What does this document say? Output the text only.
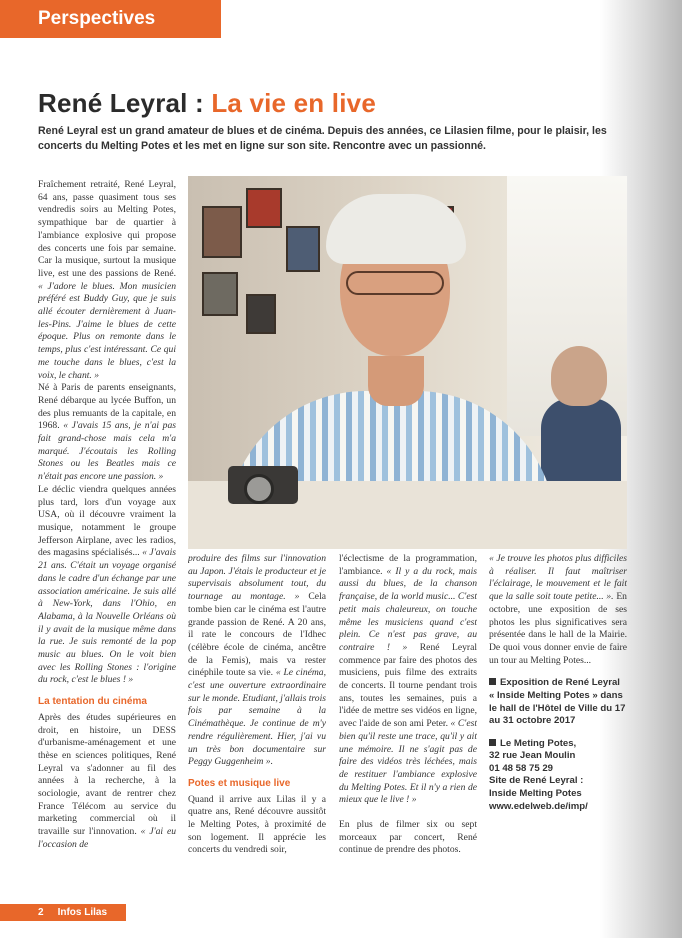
Perspectives
René Leyral : La vie en live

René Leyral est un grand amateur de blues et de cinéma. Depuis des années, ce Lilasien filme, pour le plaisir, les concerts du Melting Potes et les met en ligne sur son site. Rencontre avec un passionné.

Fraîchement retraité, René Leyral, 64 ans, passe quasiment tous ses vendredis soirs au Melting Potes, sympathique bar de quartier à l'ambiance explosive qui propose des concerts une fois par semaine. Car la musique, surtout la musique live, est une des passions de René. « J'adore le blues. Mon musicien préféré est Buddy Guy, que je suis allé écouter dernièrement à Juan-les-Pins. J'aime le blues de cette époque. Plus on remonte dans le temps, plus c'est intéressant. Ce qui me touche dans le blues, c'est la voix, le chant. »

Né à Paris de parents enseignants, René débarque au lycée Buffon, un des plus remuants de la capitale, en 1968. « J'avais 15 ans, je n'ai pas fait grand-chose mais cela m'a marqué. J'écoutais les Rolling Stones ou les Beatles mais ce n'était pas encore une passion. »

Le déclic viendra quelques années plus tard, lors d'un voyage aux USA, où il découvre vraiment la musique, notamment le groupe Jefferson Airplane, avec les radios, des magasins spécialisés... « J'avais 21 ans. C'était un voyage organisé dans le cadre d'un échange par une association américaine. Je suis allé à New-York, dans l'Ohio, en Alabama, à la Nouvelle Orléans où il y avait de la musique même dans la rue. Je suis remonté de la pop music au blues. On le voit bien avec les Rolling Stones : l'origine du rock, c'est le blues ! »

La tentation du cinéma

Après des études supérieures en droit, en histoire, un DESS d'urbanisme-aménagement et une thèse en sciences politiques, René Leyral va s'adonner au fil des années à la recherche, à la sociologie, avant de rentrer chez France Télécom au service du marketing commercial où il travaille sur l'innovation. « J'ai eu l'occasion de

produire des films sur l'innovation au Japon. J'étais le producteur et je supervisais absolument tout, du tournage au montage. » Cela tombe bien car le cinéma est l'autre grande passion de René. A 20 ans, il rate le concours de l'Idhec (célèbre école de cinéma, ancêtre de la Femis), mais va rester cinéphile toute sa vie. « Le cinéma, c'est une ouverture extraordinaire sur le monde. Etudiant, j'allais trois fois par semaine à la Cinémathèque. Je continue de m'y rendre régulièrement. Hier, j'ai vu un très bon documentaire sur Peggy Guggenheim ».

Potes et musique live

Quand il arrive aux Lilas il y a quatre ans, René découvre aussitôt le Melting Potes, à proximité de son logement. Il apprécie les concerts du vendredi soir,

l'éclectisme de la programmation, l'ambiance. « Il y a du rock, mais aussi du blues, de la chanson française, de la world music... C'est petit mais chaleureux, on touche même les musiciens quand c'est plein. Ce n'est pas grave, au contraire ! » René Leyral commence par faire des photos des musiciens, puis filme des extraits de concerts. Il tourne pendant trois ans, toutes les semaines, puis a l'idée de mettre ses vidéos en ligne, avec l'aide de son ami Peter. « C'est bien qu'il reste une trace, qu'il y ait une mémoire. Il ne s'agit pas de faire des vidéos très léchées, mais de restituer l'ambiance explosive du Melting Potes. Et il n'y a rien de mieux que le live ! »

En plus de filmer six ou sept morceaux par concert, René continue de prendre des photos.

« Je trouve les photos plus difficiles à réaliser. Il faut maîtriser l'éclairage, le mouvement et le fait que la salle soit toute petite... ». En octobre, une exposition de ses photos les plus significatives sera présentée dans le hall de la Mairie. De quoi vous donner envie de faire un tour au Melting Potes...

Exposition de René Leyral « Inside Melting Potes » dans le hall de l'Hôtel de Ville du 17 au 31 octobre 2017

Le Meting Potes,
32 rue Jean Moulin
01 48 58 75 29
Site de René Leyral :
Inside Melting Potes
www.edelweb.de/imp/

2 Infos Lilas
